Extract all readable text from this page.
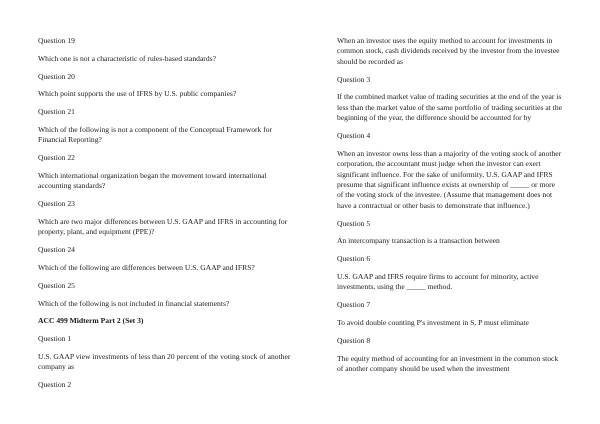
Question 19
Which one is not a characteristic of rules-based standards?
Question 20
Which point supports the use of IFRS by U.S. public companies?
Question 21
Which of the following is not a component of the Conceptual Framework for Financial Reporting?
Question 22
Which international organization began the movement toward international accounting standards?
Question 23
Which are two major differences between U.S. GAAP and IFRS in accounting for property, plant, and equipment (PPE)?
Question 24
Which of the following are differences between U.S. GAAP and IFRS?
Question 25
Which of the following is not included in financial statements?
ACC 499 Midterm Part 2 (Set 3)
Question 1
U.S. GAAP view investments of less than 20 percent of the voting stock of another company as
Question 2
When an investor uses the equity method to account for investments in common stock, cash dividends received by the investor from the investee should be recorded as
Question 3
If the combined market value of trading securities at the end of the year is less than the market value of the same portfolio of trading securities at the beginning of the year, the difference should be accounted for by
Question 4
When an investor owns less than a majority of the voting stock of another corporation, the accountant must judge when the investor can exert significant influence. For the sake of uniformity, U.S. GAAP and IFRS presume that significant influence exists at ownership of _____ or more of the voting stock of the investee. (Assume that management does not have a contractual or other basis to demonstrate that influence.)
Question 5
An intercompany transaction is a transaction between
Question 6
U.S. GAAP and IFRS require firms to account for minority, active investments, using the _____ method.
Question 7
To avoid double counting P's investment in S, P must eliminate
Question 8
The equity method of accounting for an investment in the common stock of another company should be used when the investment
